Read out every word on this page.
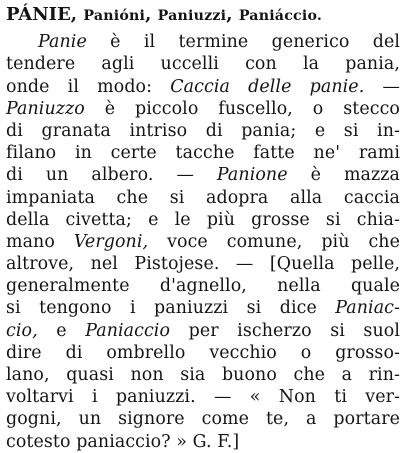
PÁNIE, Panióni, Paniuzzi, Paniáccio.
Panie è il termine generico del
tendere agli uccelli con la pania,
onde il modo: Caccia delle panie. —
Paniuzzo è piccolo fuscello, o stecco
di granata intriso di pania; e si in-
filano in certe tacche fatte ne' rami
di un albero. — Panione è mazza
impaniata che si adopra alla caccia
della civetta; e le più grosse si chia-
mano Vergoni, voce comune, più che
altrove, nel Pistojese. — [Quella pelle,
generalmente d'agnello, nella quale
si tengono i paniuzzi si dice Paniac-
cio, e Paniaccio per ischerzo si suol
dire di ombrello vecchio o grosso-
lano, quasi non sia buono che a rin-
voltarvi i paniuzzi. — « Non ti ver-
gogni, un signore come te, a portare
cotesto paniaccio? » G. F.]
